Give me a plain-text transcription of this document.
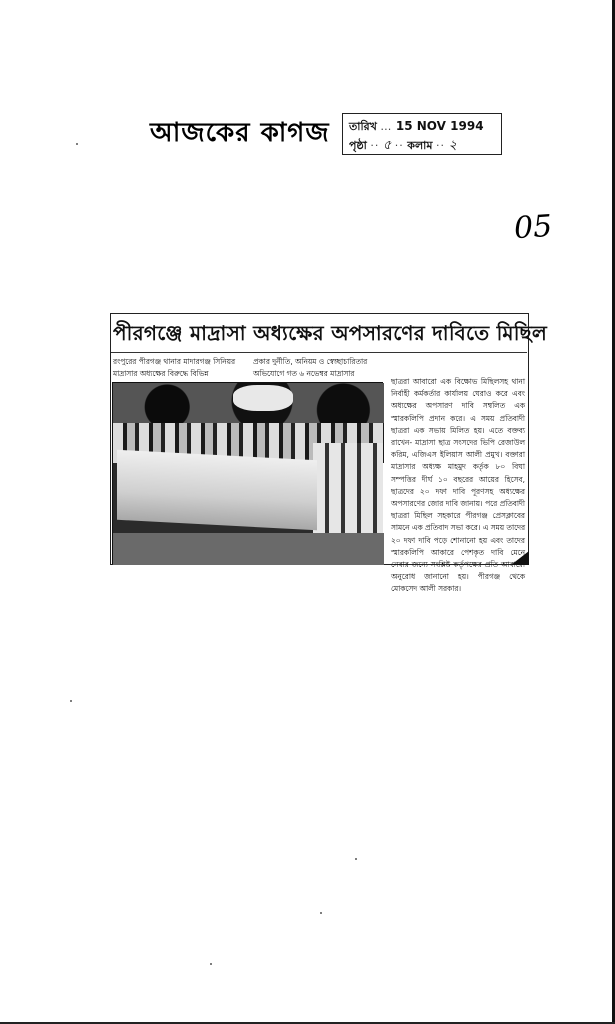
আজকের কাগজ তারিখ … 15 NOV 1994
পৃষ্ঠা ·· ৫ ·· কলাম ·· ২
05
পীরগঞ্জে মাদ্রাসা অধ্যক্ষের অপসারণের দাবিতে মিছিল
রংপুরের পীরগঞ্জ থানার মাদারগঞ্জ সিনিয়র মাদ্রাসার অধ্যক্ষের বিরুদ্ধে বিভিন্ন
প্রকার দুর্নীতি, অনিয়ম ও স্বেচ্ছাচারিতার অভিযোগে গত ৬ নভেম্বর মাদ্রাসার
ছাত্ররা আবারো এক বিক্ষোভ মিছিলসহ থানা নির্বাহী কর্মকর্তার কার্যালয় ঘেরাও করে এবং অধ্যক্ষের অপসারণ দাবি সম্বলিত এক স্মারকলিপি প্রদান করে। এ সময় প্রতিবাদী ছাত্ররা এক সভায় মিলিত হয়। এতে বক্তব্য রাখেন- মাদ্রাসা ছাত্র সংসদের ভিপি রেজাউল করিম, এজিএস ইলিয়াস আলী প্রমুখ। বক্তারা মাদ্রাসার অধ্যক্ষ মাহমুদ কর্তৃক ৮০ বিঘা সম্পত্তির দীর্ঘ ১০ বছরের আয়ের হিসেব, ছাত্রদের ২০ দফা দাবি পূরণসহ অধ্যক্ষের অপসারণের জোর দাবি জানায়। পরে প্রতিবাদী ছাত্ররা মিছিল সহকারে পীরগঞ্জ প্রেসক্লাবের সামনে এক প্রতিবাদ সভা করে। এ সময় তাদের ২০ দফা দাবি পড়ে শোনানো হয় এবং তাদের স্মারকলিপি আকারে পেশকৃত দাবি মেনে নেবার জন্যে সংশ্লিষ্ট কর্তৃপক্ষের প্রতি আবারো অনুরোধ জানানো হয়। পীরগঞ্জ থেকে মোকসেদ আলী সরকার।
